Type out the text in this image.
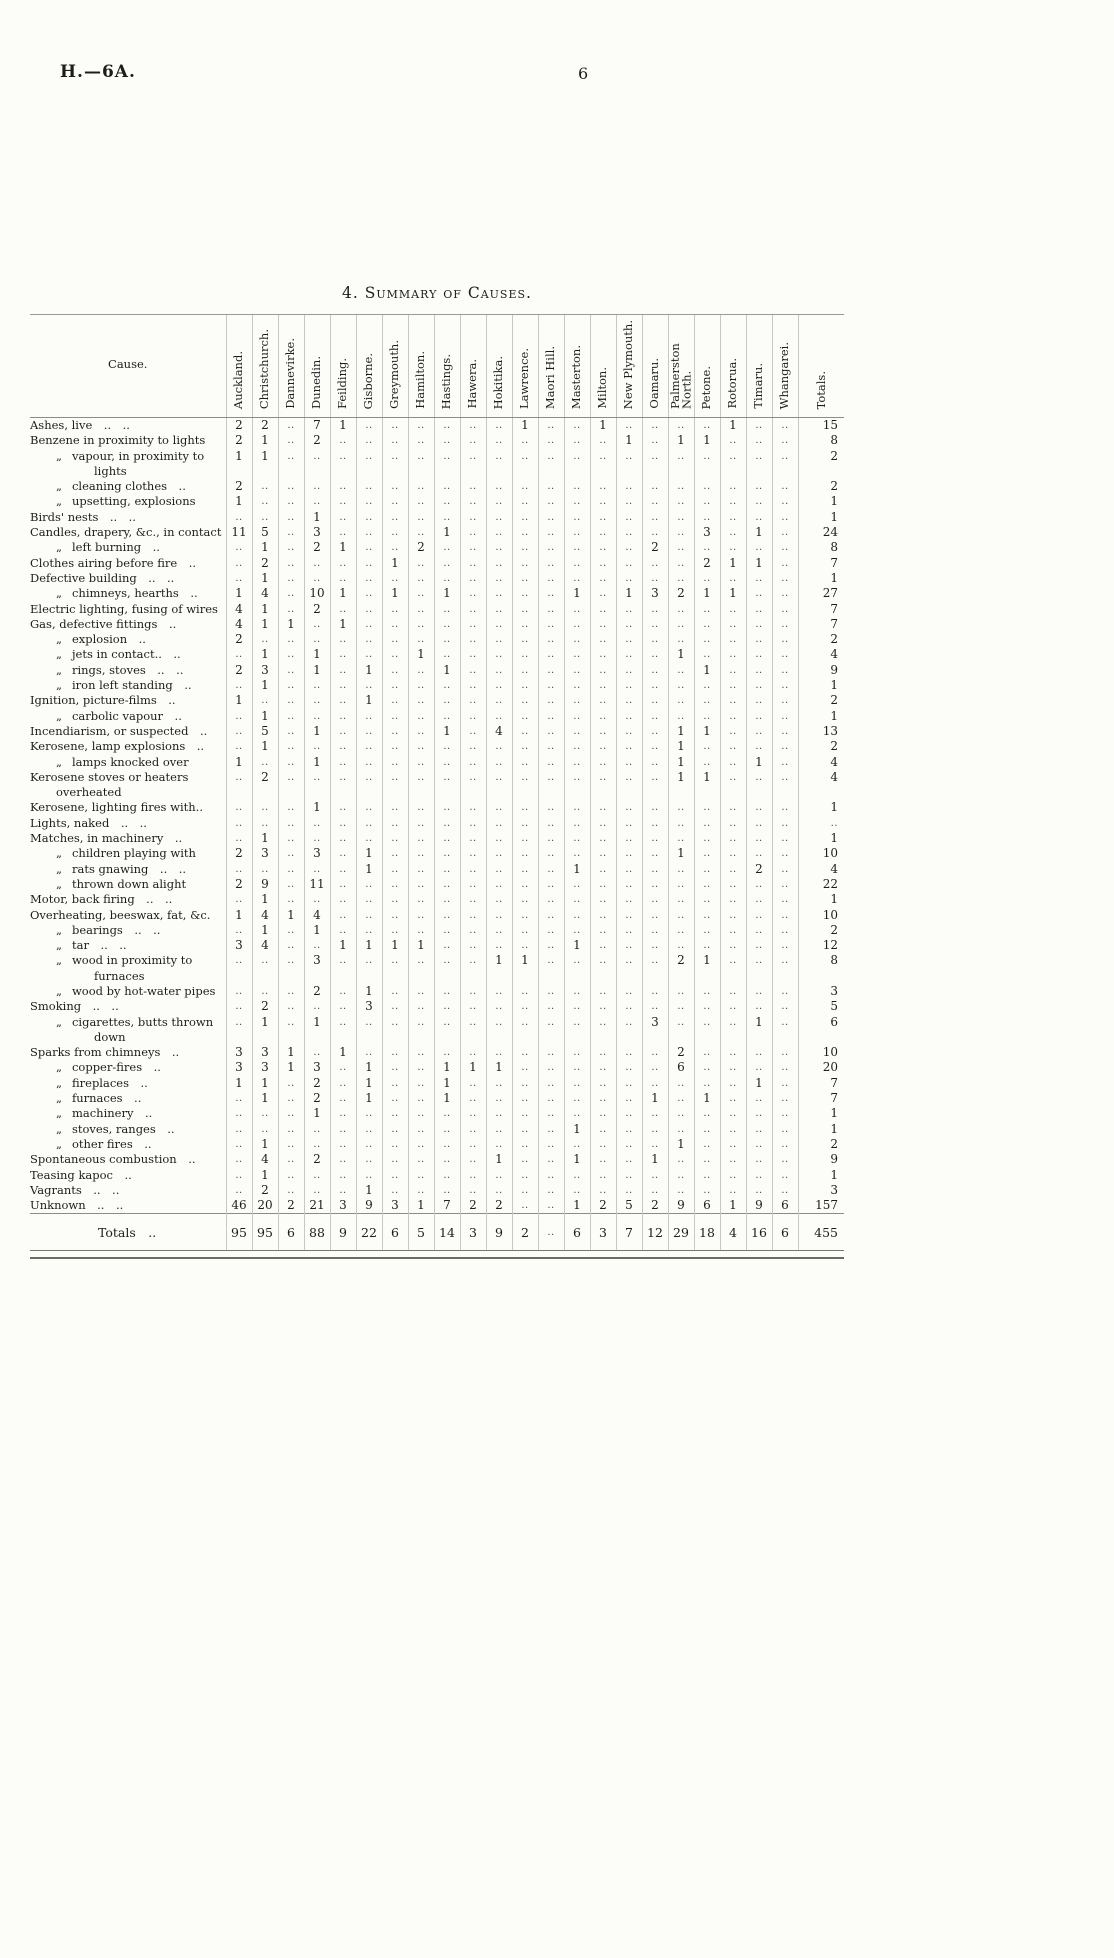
H.—6A.	6
4. Summary of Causes.
Cause.	Auckland.	Christchurch.	Dannevirke.	Dunedin.	Feilding.	Gisborne.	Greymouth.	Hamilton.	Hastings.	Hawera.	Hokitika.	Lawrence.	Maori Hill.	Masterton.	Milton.	New Plymouth.	Oamaru.	Palmerston North.	Petone.	Rotorua.	Timaru.	Whangarei.	Totals.
Ashes, live  ..  ..	2	2	..	7	1	..	..	..	..	..	..	1	..	..	1	..	..	..	..	1	..	..	15
Benzene in proximity to lights	2	1	..	2	..	..	..	..	..	..	..	..	..	..	..	1	..	1	1	..	..	..	8
„ vapour, in proximity to lights	1	1	..	..	..	..	..	..	..	..	..	..	..	..	..	..	..	..	..	..	..	..	2
„ cleaning clothes  ..	2	..	..	..	..	..	..	..	..	..	..	..	..	..	..	..	..	..	..	..	..	..	2
„ upsetting, explosions	1	..	..	..	..	..	..	..	..	..	..	..	..	..	..	..	..	..	..	..	..	..	1
Birds' nests  ..  ..	..	..	..	1	..	..	..	..	..	..	..	..	..	..	..	..	..	..	..	..	..	..	1
Candles, drapery, &c., in contact	11	5	..	3	..	..	..	..	1	..	..	..	..	..	..	..	..	..	3	..	1	..	24
„ left burning  ..	..	1	..	2	1	..	..	2	..	..	..	..	..	..	..	..	2	..	..	..	..	..	8
Clothes airing before fire  ..	..	2	..	..	..	..	1	..	..	..	..	..	..	..	..	..	..	..	2	1	1	..	7
Defective building  ..  ..	..	1	..	..	..	..	..	..	..	..	..	..	..	..	..	..	..	..	..	..	..	..	1
„ chimneys, hearths  ..	1	4	..	10	1	..	1	..	1	..	..	..	..	1	..	1	3	2	1	1	..	..	27
Electric lighting, fusing of wires	4	1	..	2	..	..	..	..	..	..	..	..	..	..	..	..	..	..	..	..	..	..	7
Gas, defective fittings  ..	4	1	1	..	1	..	..	..	..	..	..	..	..	..	..	..	..	..	..	..	..	..	7
„ explosion  ..	2	..	..	..	..	..	..	..	..	..	..	..	..	..	..	..	..	..	..	..	..	..	2
„ jets in contact..  ..	..	1	..	1	..	..	..	1	..	..	..	..	..	..	..	..	..	1	..	..	..	..	4
„ rings, stoves  ..  ..	2	3	..	1	..	1	..	..	1	..	..	..	..	..	..	..	..	..	1	..	..	..	9
„ iron left standing  ..	..	1	..	..	..	..	..	..	..	..	..	..	..	..	..	..	..	..	..	..	..	..	1
Ignition, picture-films  ..	1	..	..	..	..	1	..	..	..	..	..	..	..	..	..	..	..	..	..	..	..	..	2
„ carbolic vapour  ..	..	1	..	..	..	..	..	..	..	..	..	..	..	..	..	..	..	..	..	..	..	..	1
Incendiarism, or suspected  ..	..	5	..	1	..	..	..	..	1	..	4	..	..	..	..	..	..	1	1	..	..	..	13
Kerosene, lamp explosions  ..	..	1	..	..	..	..	..	..	..	..	..	..	..	..	..	..	..	1	..	..	..	..	2
„ lamps knocked over	1	..	..	1	..	..	..	..	..	..	..	..	..	..	..	..	..	1	..	..	1	..	4
Kerosene stoves or heaters overheated	..	2	..	..	..	..	..	..	..	..	..	..	..	..	..	..	..	1	1	..	..	..	4
Kerosene, lighting fires with..	..	..	..	1	..	..	..	..	..	..	..	..	..	..	..	..	..	..	..	..	..	..	1
Lights, naked  ..  ..	..	..	..	..	..	..	..	..	..	..	..	..	..	..	..	..	..	..	..	..	..	..	..
Matches, in machinery  ..	..	1	..	..	..	..	..	..	..	..	..	..	..	..	..	..	..	..	..	..	..	..	1
„ children playing with	2	3	..	3	..	1	..	..	..	..	..	..	..	..	..	..	..	1	..	..	..	..	10
„ rats gnawing  ..  ..	..	..	..	..	..	1	..	..	..	..	..	..	..	1	..	..	..	..	..	..	2	..	4
„ thrown down alight	2	9	..	11	..	..	..	..	..	..	..	..	..	..	..	..	..	..	..	..	..	..	22
Motor, back firing  ..  ..	..	1	..	..	..	..	..	..	..	..	..	..	..	..	..	..	..	..	..	..	..	..	1
Overheating, beeswax, fat, &c.	1	4	1	4	..	..	..	..	..	..	..	..	..	..	..	..	..	..	..	..	..	..	10
„ bearings  ..  ..	..	1	..	1	..	..	..	..	..	..	..	..	..	..	..	..	..	..	..	..	..	..	2
„ tar  ..  ..	3	4	..	..	1	1	1	1	..	..	..	..	..	1	..	..	..	..	..	..	..	..	12
„ wood in proximity to furnaces	..	..	..	3	..	..	..	..	..	..	1	1	..	..	..	..	..	2	1	..	..	..	8
„ wood by hot-water pipes	..	..	..	2	..	1	..	..	..	..	..	..	..	..	..	..	..	..	..	..	..	..	3
Smoking  ..  ..	..	2	..	..	..	3	..	..	..	..	..	..	..	..	..	..	..	..	..	..	..	..	5
„ cigarettes, butts thrown down	..	1	..	1	..	..	..	..	..	..	..	..	..	..	..	..	3	..	..	..	1	..	6
Sparks from chimneys  ..	3	3	1	..	1	..	..	..	..	..	..	..	..	..	..	..	..	2	..	..	..	..	10
„ copper-fires  ..	3	3	1	3	..	1	..	..	1	1	1	..	..	..	..	..	..	6	..	..	..	..	20
„ fireplaces  ..	1	1	..	2	..	1	..	..	1	..	..	..	..	..	..	..	..	..	..	..	1	..	7
„ furnaces  ..	..	1	..	2	..	1	..	..	1	..	..	..	..	..	..	..	1	..	1	..	..	..	7
„ machinery  ..	..	..	..	1	..	..	..	..	..	..	..	..	..	..	..	..	..	..	..	..	..	..	1
„ stoves, ranges  ..	..	..	..	..	..	..	..	..	..	..	..	..	..	1	..	..	..	..	..	..	..	..	1
„ other fires  ..	..	1	..	..	..	..	..	..	..	..	..	..	..	..	..	..	..	1	..	..	..	..	2
Spontaneous combustion  ..	..	4	..	2	..	..	..	..	..	..	1	..	..	1	..	..	1	..	..	..	..	..	9
Teasing kapoc  ..	..	1	..	..	..	..	..	..	..	..	..	..	..	..	..	..	..	..	..	..	..	..	1
Vagrants  ..  ..	..	2	..	..	..	1	..	..	..	..	..	..	..	..	..	..	..	..	..	..	..	..	3
Unknown  ..  ..	46	20	2	21	3	9	3	1	7	2	2	..	..	1	2	5	2	9	6	1	9	6	157
Totals  ..	95	95	6	88	9	22	6	5	14	3	9	2	..	6	3	7	12	29	18	4	16	6	455
